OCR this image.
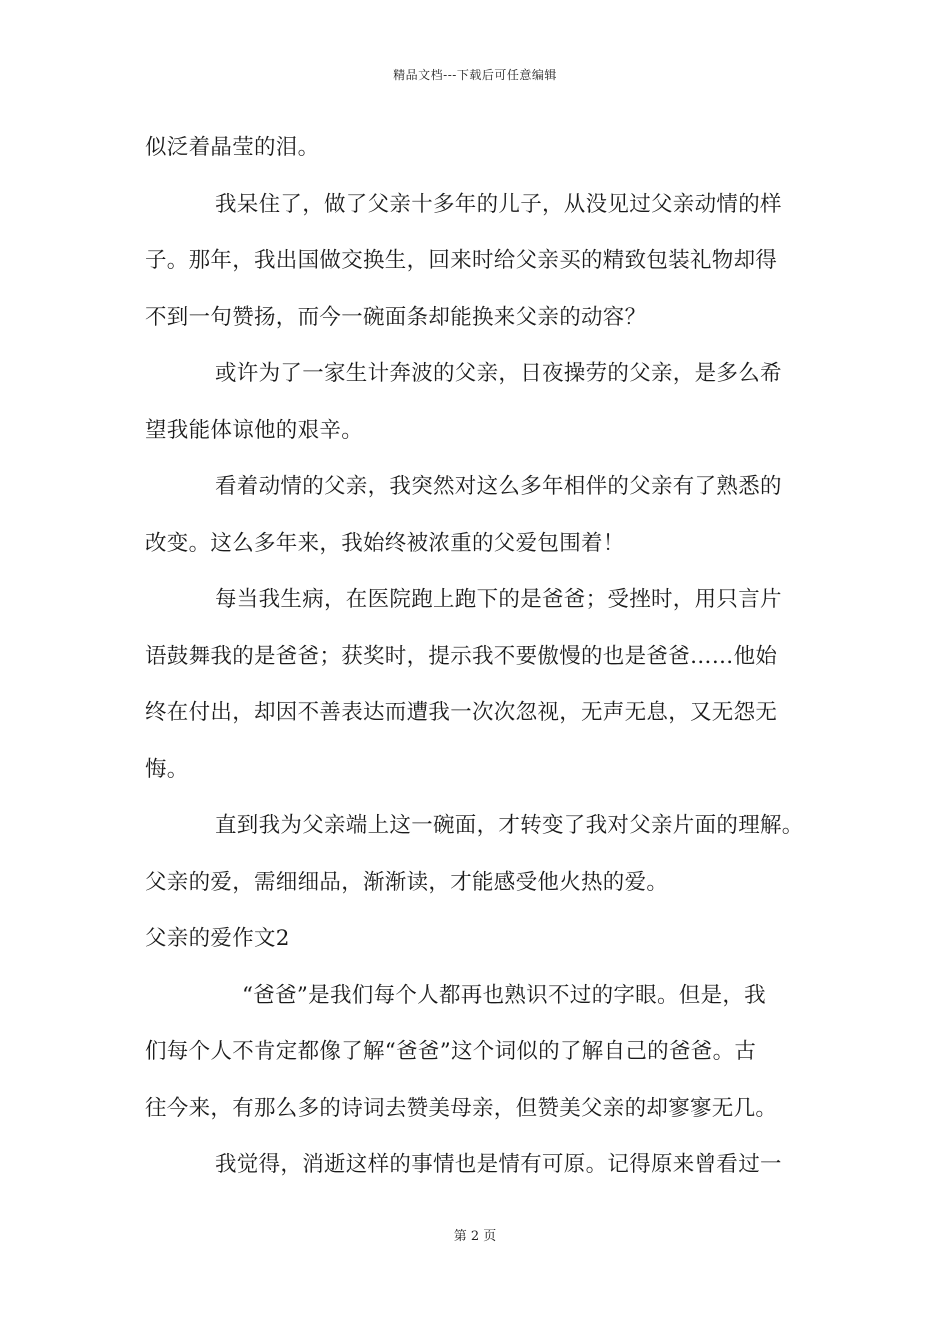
精品文档---下载后可任意编辑
似泛着晶莹的泪。
我呆住了，做了父亲十多年的儿子，从没见过父亲动情的样
子。那年，我出国做交换生，回来时给父亲买的精致包装礼物却得
不到一句赞扬，而今一碗面条却能换来父亲的动容？
或许为了一家生计奔波的父亲，日夜操劳的父亲，是多么希
望我能体谅他的艰辛。
看着动情的父亲，我突然对这么多年相伴的父亲有了熟悉的
改变。这么多年来，我始终被浓重的父爱包围着！
每当我生病，在医院跑上跑下的是爸爸；受挫时，用只言片
语鼓舞我的是爸爸；获奖时，提示我不要傲慢的也是爸爸……他始
终在付出，却因不善表达而遭我一次次忽视，无声无息，又无怨无
悔。
直到我为父亲端上这一碗面，才转变了我对父亲片面的理解。
父亲的爱，需细细品，渐渐读，才能感受他火热的爱。
父亲的爱作文2
“爸爸”是我们每个人都再也熟识不过的字眼。但是，我
们每个人不肯定都像了解“爸爸”这个词似的了解自己的爸爸。古
往今来，有那么多的诗词去赞美母亲，但赞美父亲的却寥寥无几。
我觉得，消逝这样的事情也是情有可原。记得原来曾看过一
第 2 页
